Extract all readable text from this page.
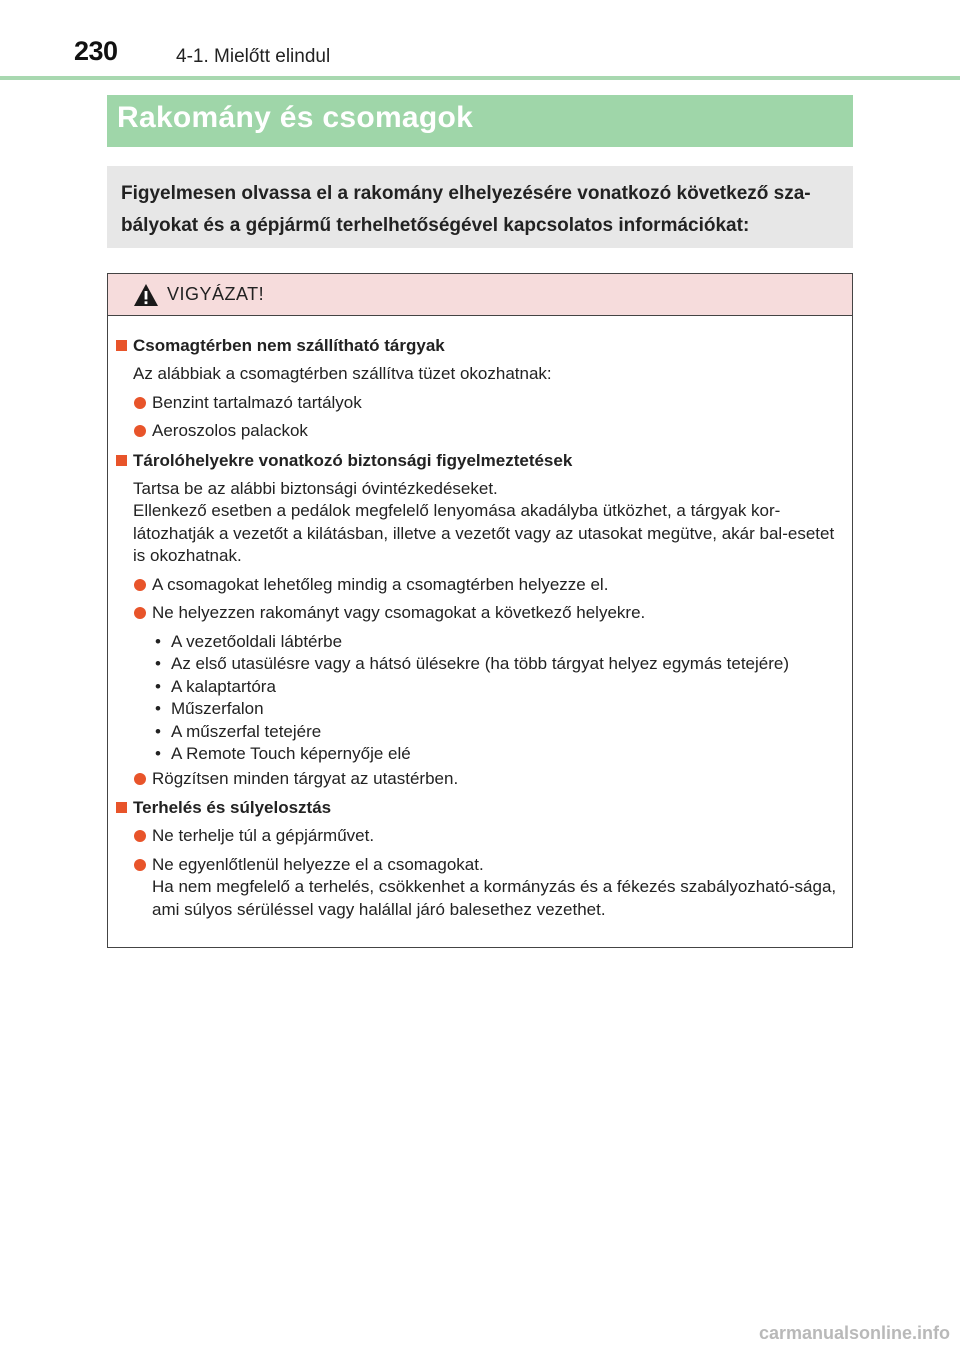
230	4-1. Mielőtt elindul
Rakomány és csomagok
Figyelmesen olvassa el a rakomány elhelyezésére vonatkozó következő sza-bályokat és a gépjármű terhelhetőségével kapcsolatos információkat:
VIGYÁZAT!
Csomagtérben nem szállítható tárgyak
Az alábbiak a csomagtérben szállítva tüzet okozhatnak:
Benzint tartalmazó tartályok
Aeroszolos palackok
Tárolóhelyekre vonatkozó biztonsági figyelmeztetések
Tartsa be az alábbi biztonsági óvintézkedéseket.
Ellenkező esetben a pedálok megfelelő lenyomása akadályba ütközhet, a tárgyak kor-látozhatják a vezetőt a kilátásban, illetve a vezetőt vagy az utasokat megütve, akár bal-esetet is okozhatnak.
A csomagokat lehetőleg mindig a csomagtérben helyezze el.
Ne helyezzen rakományt vagy csomagokat a következő helyekre.
• A vezetőoldali lábtérbe
• Az első utasülésre vagy a hátsó ülésekre (ha több tárgyat helyez egymás tetejére)
• A kalaptartóra
• Műszerfalon
• A műszerfal tetejére
• A Remote Touch képernyője elé
Rögzítsen minden tárgyat az utastérben.
Terhelés és súlyelosztás
Ne terhelje túl a gépjárművet.
Ne egyenlőtlenül helyezze el a csomagokat.
Ha nem megfelelő a terhelés, csökkenhet a kormányzás és a fékezés szabályozható-sága, ami súlyos sérüléssel vagy halállal járó balesethez vezethet.
carmanualsonline.info
